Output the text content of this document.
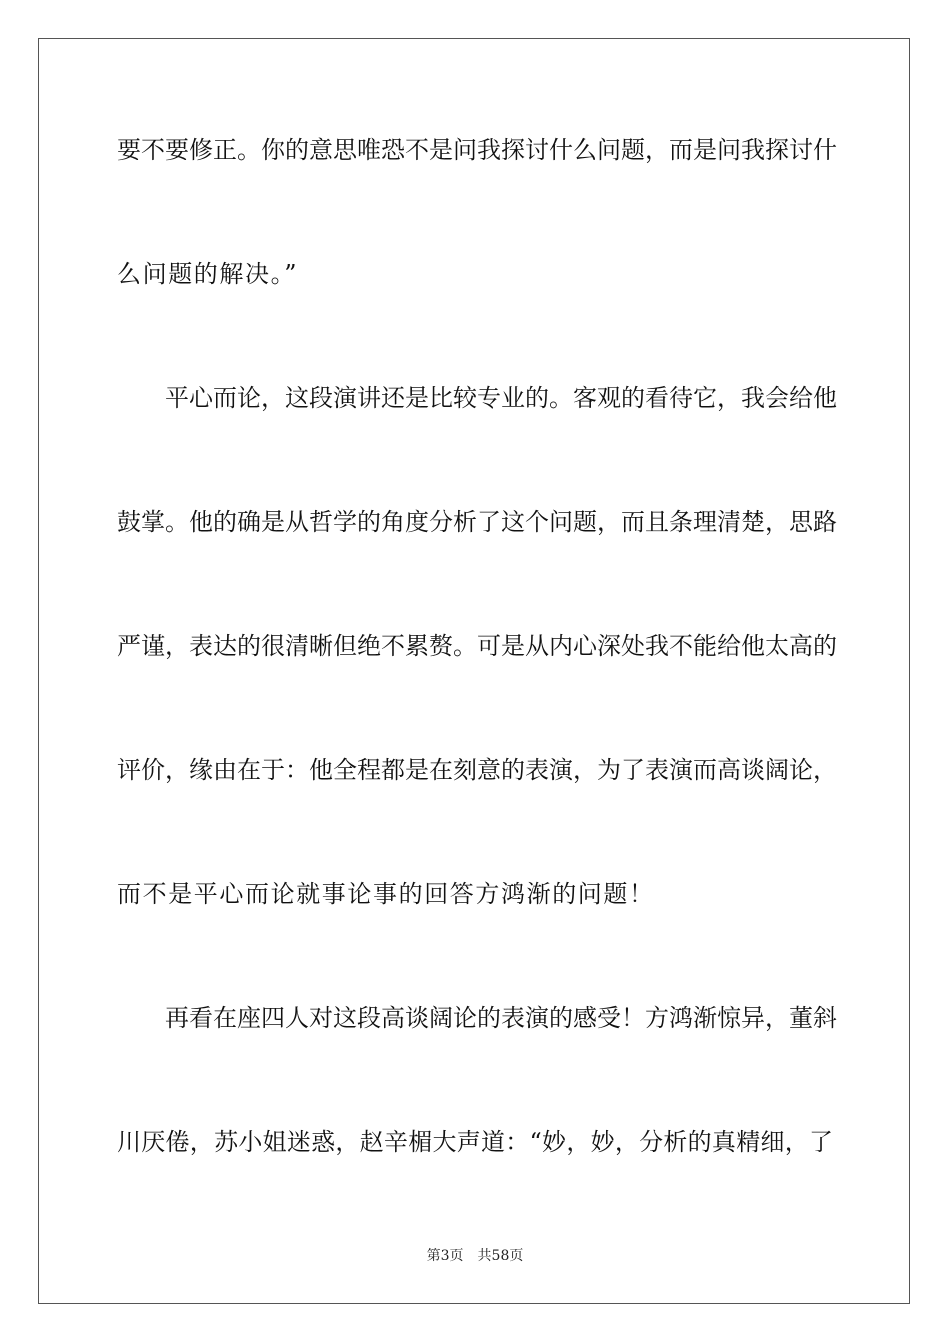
要不要修正。你的意思唯恐不是问我探讨什么问题，而是问我探讨什
么问题的解决。”
平心而论，这段演讲还是比较专业的。客观的看待它，我会给他
鼓掌。他的确是从哲学的角度分析了这个问题，而且条理清楚，思路
严谨，表达的很清晰但绝不累赘。可是从内心深处我不能给他太高的
评价，缘由在于：他全程都是在刻意的表演，为了表演而高谈阔论，
而不是平心而论就事论事的回答方鸿渐的问题！
再看在座四人对这段高谈阔论的表演的感受！方鸿渐惊异，董斜
川厌倦，苏小姐迷惑，赵辛楣大声道：“妙，妙，分析的真精细，了
第3页 共58页
